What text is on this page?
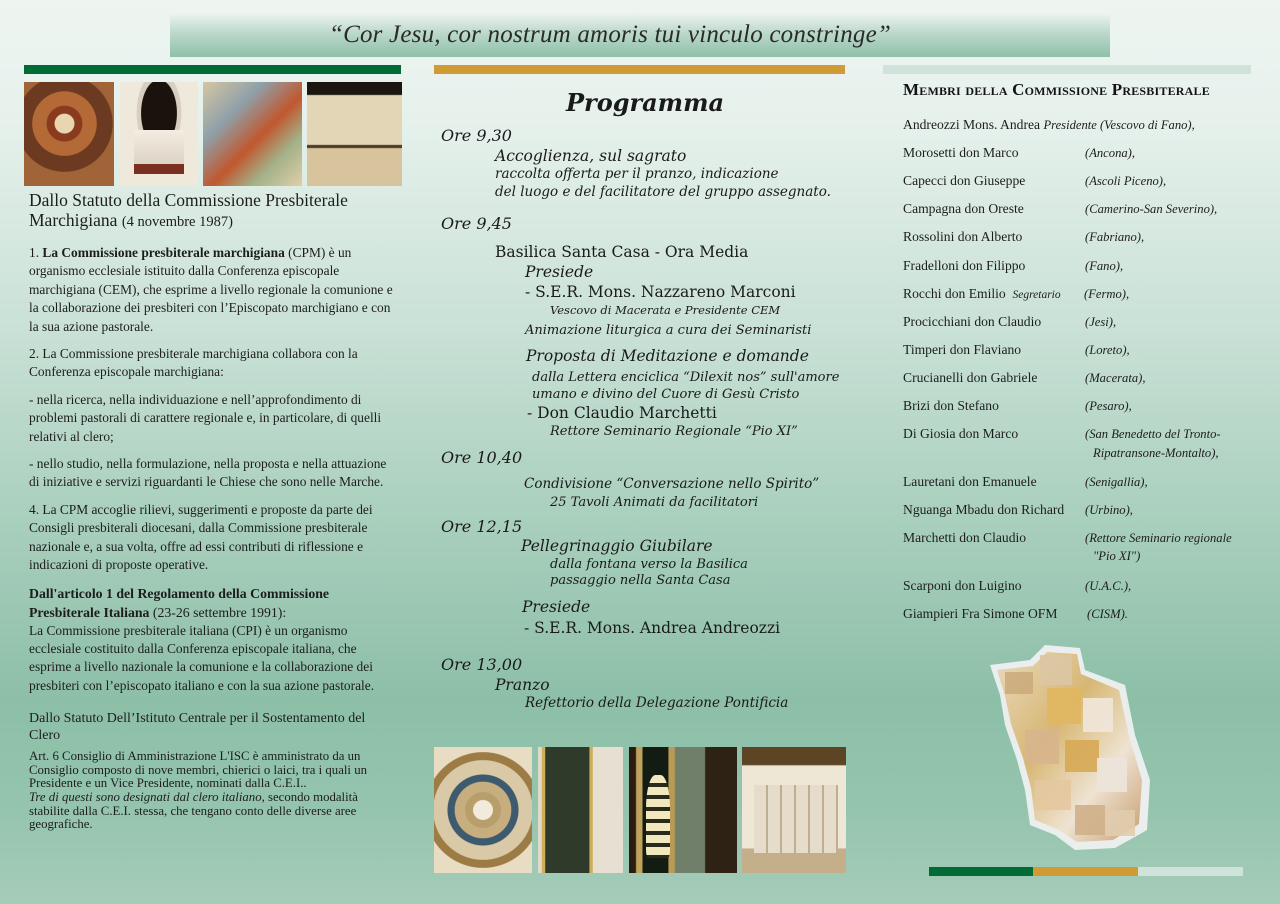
“Cor Jesu, cor nostrum amoris tui vinculo constringe”
Dallo Statuto della Commissione Presbiterale Marchigiana (4 novembre 1987)

1. La Commissione presbiterale marchigiana (CPM) è un organismo ecclesiale istituito dalla Conferenza episcopale marchigiana (CEM), che esprime a livello regionale la comunione e la collaborazione dei presbiteri con l’Episcopato marchigiano e con la sua azione pastorale.

2. La Commissione presbiterale marchigiana collabora con la Conferenza episcopale marchigiana:

- nella ricerca, nella individuazione e nell’approfondimento di problemi pastorali di carattere regionale e, in particolare, di quelli relativi al clero;

- nello studio, nella formulazione, nella proposta e nella attuazione di iniziative e servizi riguardanti le Chiese che sono nelle Marche.

4. La CPM accoglie rilievi, suggerimenti e proposte da parte dei Consigli presbiterali diocesani, dalla Commissione presbiterale nazionale e, a sua volta, offre ad essi contributi di riflessione e indicazioni di proposte operative.

Dall'articolo 1 del Regolamento della Commissione Presbiterale Italiana (23-26 settembre 1991):

La Commissione presbiterale italiana (CPI) è un organismo ecclesiale costituito dalla Conferenza episcopale italiana, che esprime a livello nazionale la comunione e la collaborazione dei presbiteri con l’episcopato italiano e con la sua azione pastorale.

Dallo Statuto Dell’Istituto Centrale per il Sostentamento del Clero

Art. 6 Consiglio di Amministrazione L'ISC è amministrato da un Consiglio composto di nove membri, chierici o laici, tra i quali un Presidente e un Vice Presidente, nominati dalla C.E.I..
Tre di questi sono designati dal clero italiano, secondo modalità stabilite dalla C.E.I. stessa, che tengano conto delle diverse aree geografiche.

Programma
Ore 9,30
Accoglienza, sul sagrato
raccolta offerta per il pranzo, indicazione
del luogo e del facilitatore del gruppo assegnato.
Ore 9,45
Basilica Santa Casa - Ora Media
Presiede
- S.E.R. Mons. Nazzareno Marconi
Vescovo di Macerata e Presidente CEM
Animazione liturgica a cura dei Seminaristi
Proposta di Meditazione e domande
dalla Lettera enciclica “Dilexit nos” sull'amore
umano e divino del Cuore di Gesù Cristo
- Don Claudio Marchetti
Rettore Seminario Regionale “Pio XI”
Ore 10,40
Condivisione “Conversazione nello Spirito”
25 Tavoli Animati da facilitatori
Ore 12,15
Pellegrinaggio Giubilare
dalla fontana verso la Basilica
passaggio nella Santa Casa
Presiede
- S.E.R. Mons. Andrea Andreozzi
Ore 13,00
Pranzo
Refettorio della Delegazione Pontificia
Membri della Commissione Presbiterale
Andreozzi Mons. Andrea Presidente (Vescovo di Fano),
Morosetti don Marco	(Ancona),
Capecci don Giuseppe	(Ascoli Piceno),
Campagna don Oreste	(Camerino-San Severino),
Rossolini don Alberto	(Fabriano),
Fradelloni don Filippo	(Fano),
Rocchi don Emilio Segretario (Fermo),
Procicchiani don Claudio	(Jesi),
Timperi don Flaviano	(Loreto),
Crucianelli don Gabriele	(Macerata),
Brizi don Stefano	(Pesaro),
Di Giosia don Marco	(San Benedetto del Tronto-
Ripatransone-Montalto),
Lauretani don Emanuele	(Senigallia),
Nguanga Mbadu don Richard (Urbino),
Marchetti don Claudio	(Rettore Seminario regionale
"Pio XI")
Scarponi don Luigino	(U.A.C.),
Giampieri Fra Simone OFM (CISM).
